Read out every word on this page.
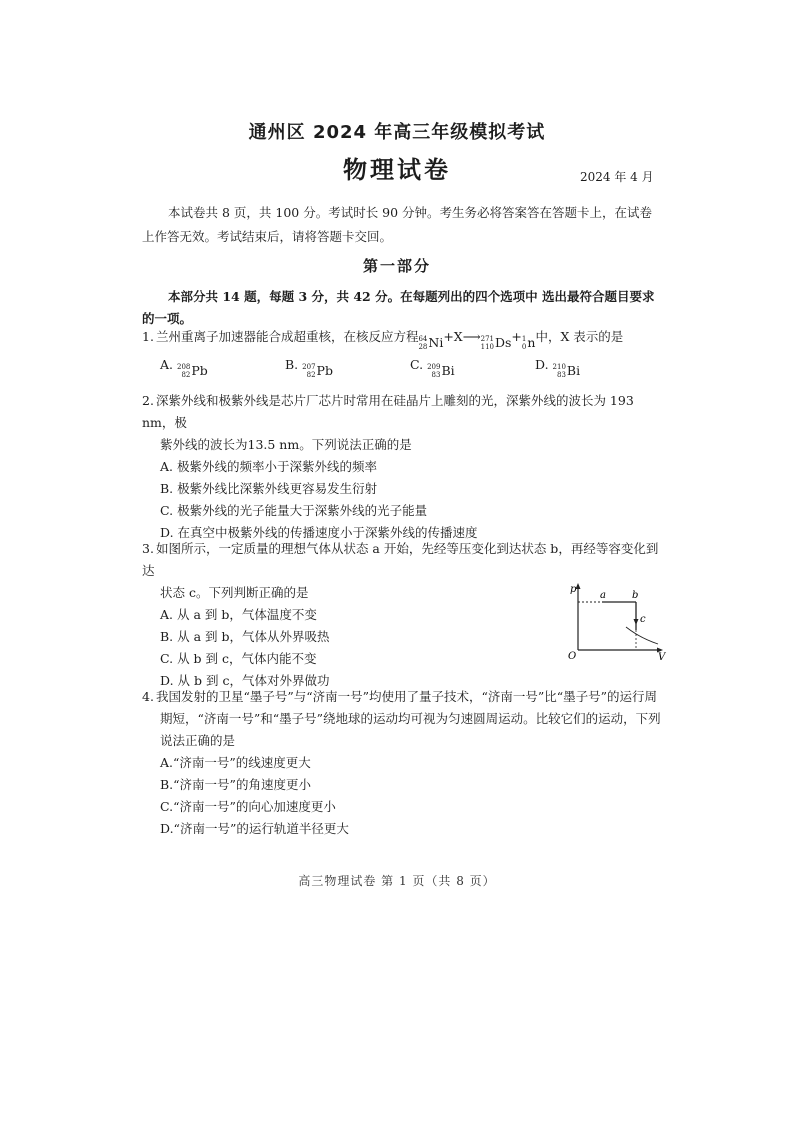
通州区 2024 年高三年级模拟考试
物理试卷	2024 年 4 月
本试卷共 8 页，共 100 分。考试时长 90 分钟。考生务必将答案答在答题卡上，在试卷上作答无效。考试结束后，请将答题卡交回。
第一部分
本部分共 14 题，每题 3 分，共 42 分。在每题列出的四个选项中 选出最符合题目要求的一项。
1. 兰州重离子加速器能合成超重核，在核反应方程 64
28 Ni +X⟶ 271
110 Ds + 1
0 n 中，X 表示的是
A. 208
82 Pb	B. 207
82 Pb	C. 209
83 Bi	D. 210
83 Bi
2. 深紫外线和极紫外线是芯片厂芯片时常用在硅晶片上雕刻的光，深紫外线的波长为 193 nm，极
紫外线的波长为13.5 nm。下列说法正确的是
A. 极紫外线的频率小于深紫外线的频率
B. 极紫外线比深紫外线更容易发生衍射
C. 极紫外线的光子能量大于深紫外线的光子能量
D. 在真空中极紫外线的传播速度小于深紫外线的传播速度
3. 如图所示，一定质量的理想气体从状态 a 开始，先经等压变化到达状态 b，再经等容变化到达
状态 c。下列判断正确的是
A. 从 a 到 b，气体温度不变
B. 从 a 到 b，气体从外界吸热
C. 从 b 到 c，气体内能不变
D. 从 b 到 c，气体对外界做功
p
V
O
a	b
c
4. 我国发射的卫星“墨子号”与“济南一号”均使用了量子技术，“济南一号”比“墨子号”的运行周
期短，“济南一号”和“墨子号”绕地球的运动均可视为匀速圆周运动。比较它们的运动，下列
说法正确的是
A.“济南一号”的线速度更大
B.“济南一号”的角速度更小
C.“济南一号”的向心加速度更小
D.“济南一号”的运行轨道半径更大
高三物理试卷 第 1 页（共 8 页）
